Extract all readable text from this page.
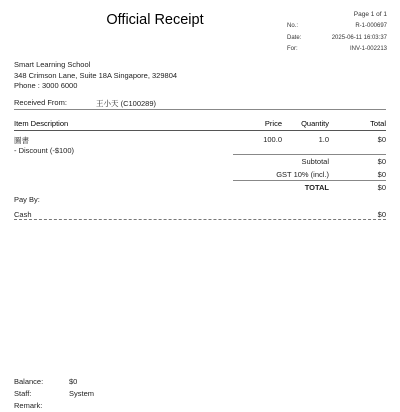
Page 1 of 1
Official Receipt	No.:	R-1-000697
Date:	2025-06-11 16:03:37
For:	INV-1-002213
Smart Learning School
348 Crimson Lane, Suite 18A Singapore, 329804
Phone : 3000 6000
Received From:	王小天 (C100289)
Item Description	Price	Quantity	Total
圖書
- Discount (-$100)
100.0	1.0	$0
Subtotal	$0
GST 10% (incl.)	$0
TOTAL	$0
Pay By:
Cash	$0
Balance:	$0
Staff:	System
Remark:
